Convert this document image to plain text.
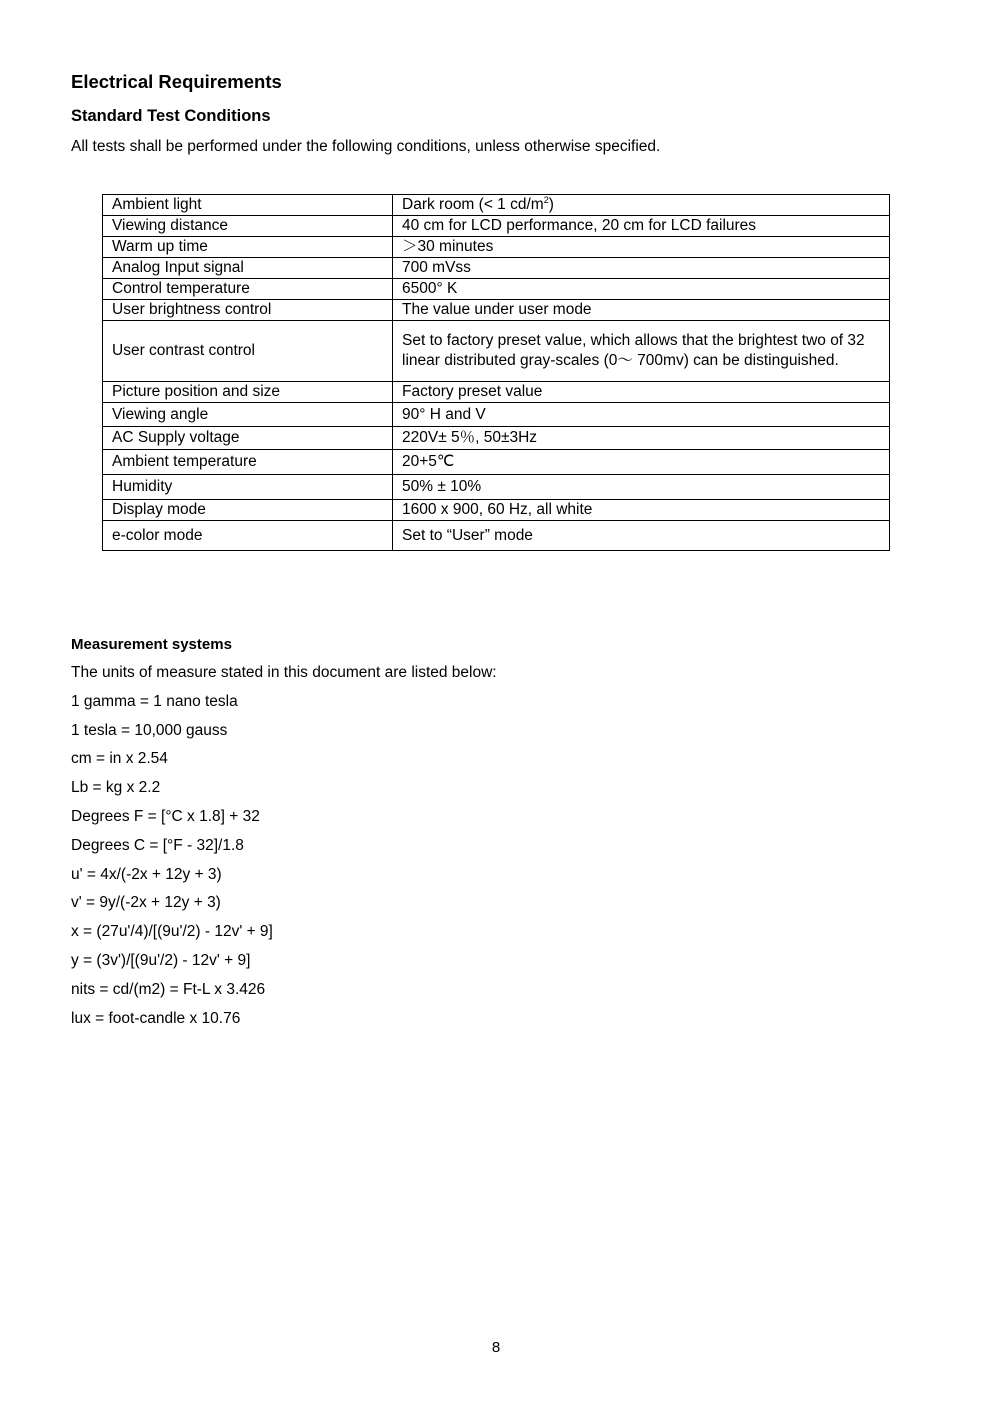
Electrical Requirements
Standard Test Conditions
All tests shall be performed under the following conditions, unless otherwise specified.
Ambient light	Dark room (< 1 $cd/m^2$)
Viewing distance	40 cm for LCD performance, 20 cm for LCD failures
Warm up time	＞30 minutes
Analog Input signal	700 mVss
Control temperature	6500° K
User brightness control	The value under user mode
User contrast control	Set to factory preset value, which allows that the brightest two of 32 linear distributed gray-scales (0～ 700mv) can be distinguished.
Picture position and size	Factory preset value
Viewing angle	90° H and V
AC Supply voltage	220V± 5％, 50±3Hz
Ambient temperature	20+5℃
Humidity	50% ± 10%
Display mode	1600 x 900, 60 Hz, all white
e-color mode	Set to “User” mode
Measurement systems
The units of measure stated in this document are listed below:
1 gamma = 1 nano tesla
1 tesla = 10,000 gauss
cm = in x 2.54
Lb = kg x 2.2
Degrees F = [°C x 1.8] + 32
Degrees C = [°F - 32]/1.8
u' = 4x/(-2x + 12y + 3)
v' = 9y/(-2x + 12y + 3)
x = (27u'/4)/[(9u'/2) - 12v' + 9]
y = (3v')/[(9u'/2) - 12v' + 9]
nits = cd/(m2) = Ft-L x 3.426
lux = foot-candle x 10.76
8
